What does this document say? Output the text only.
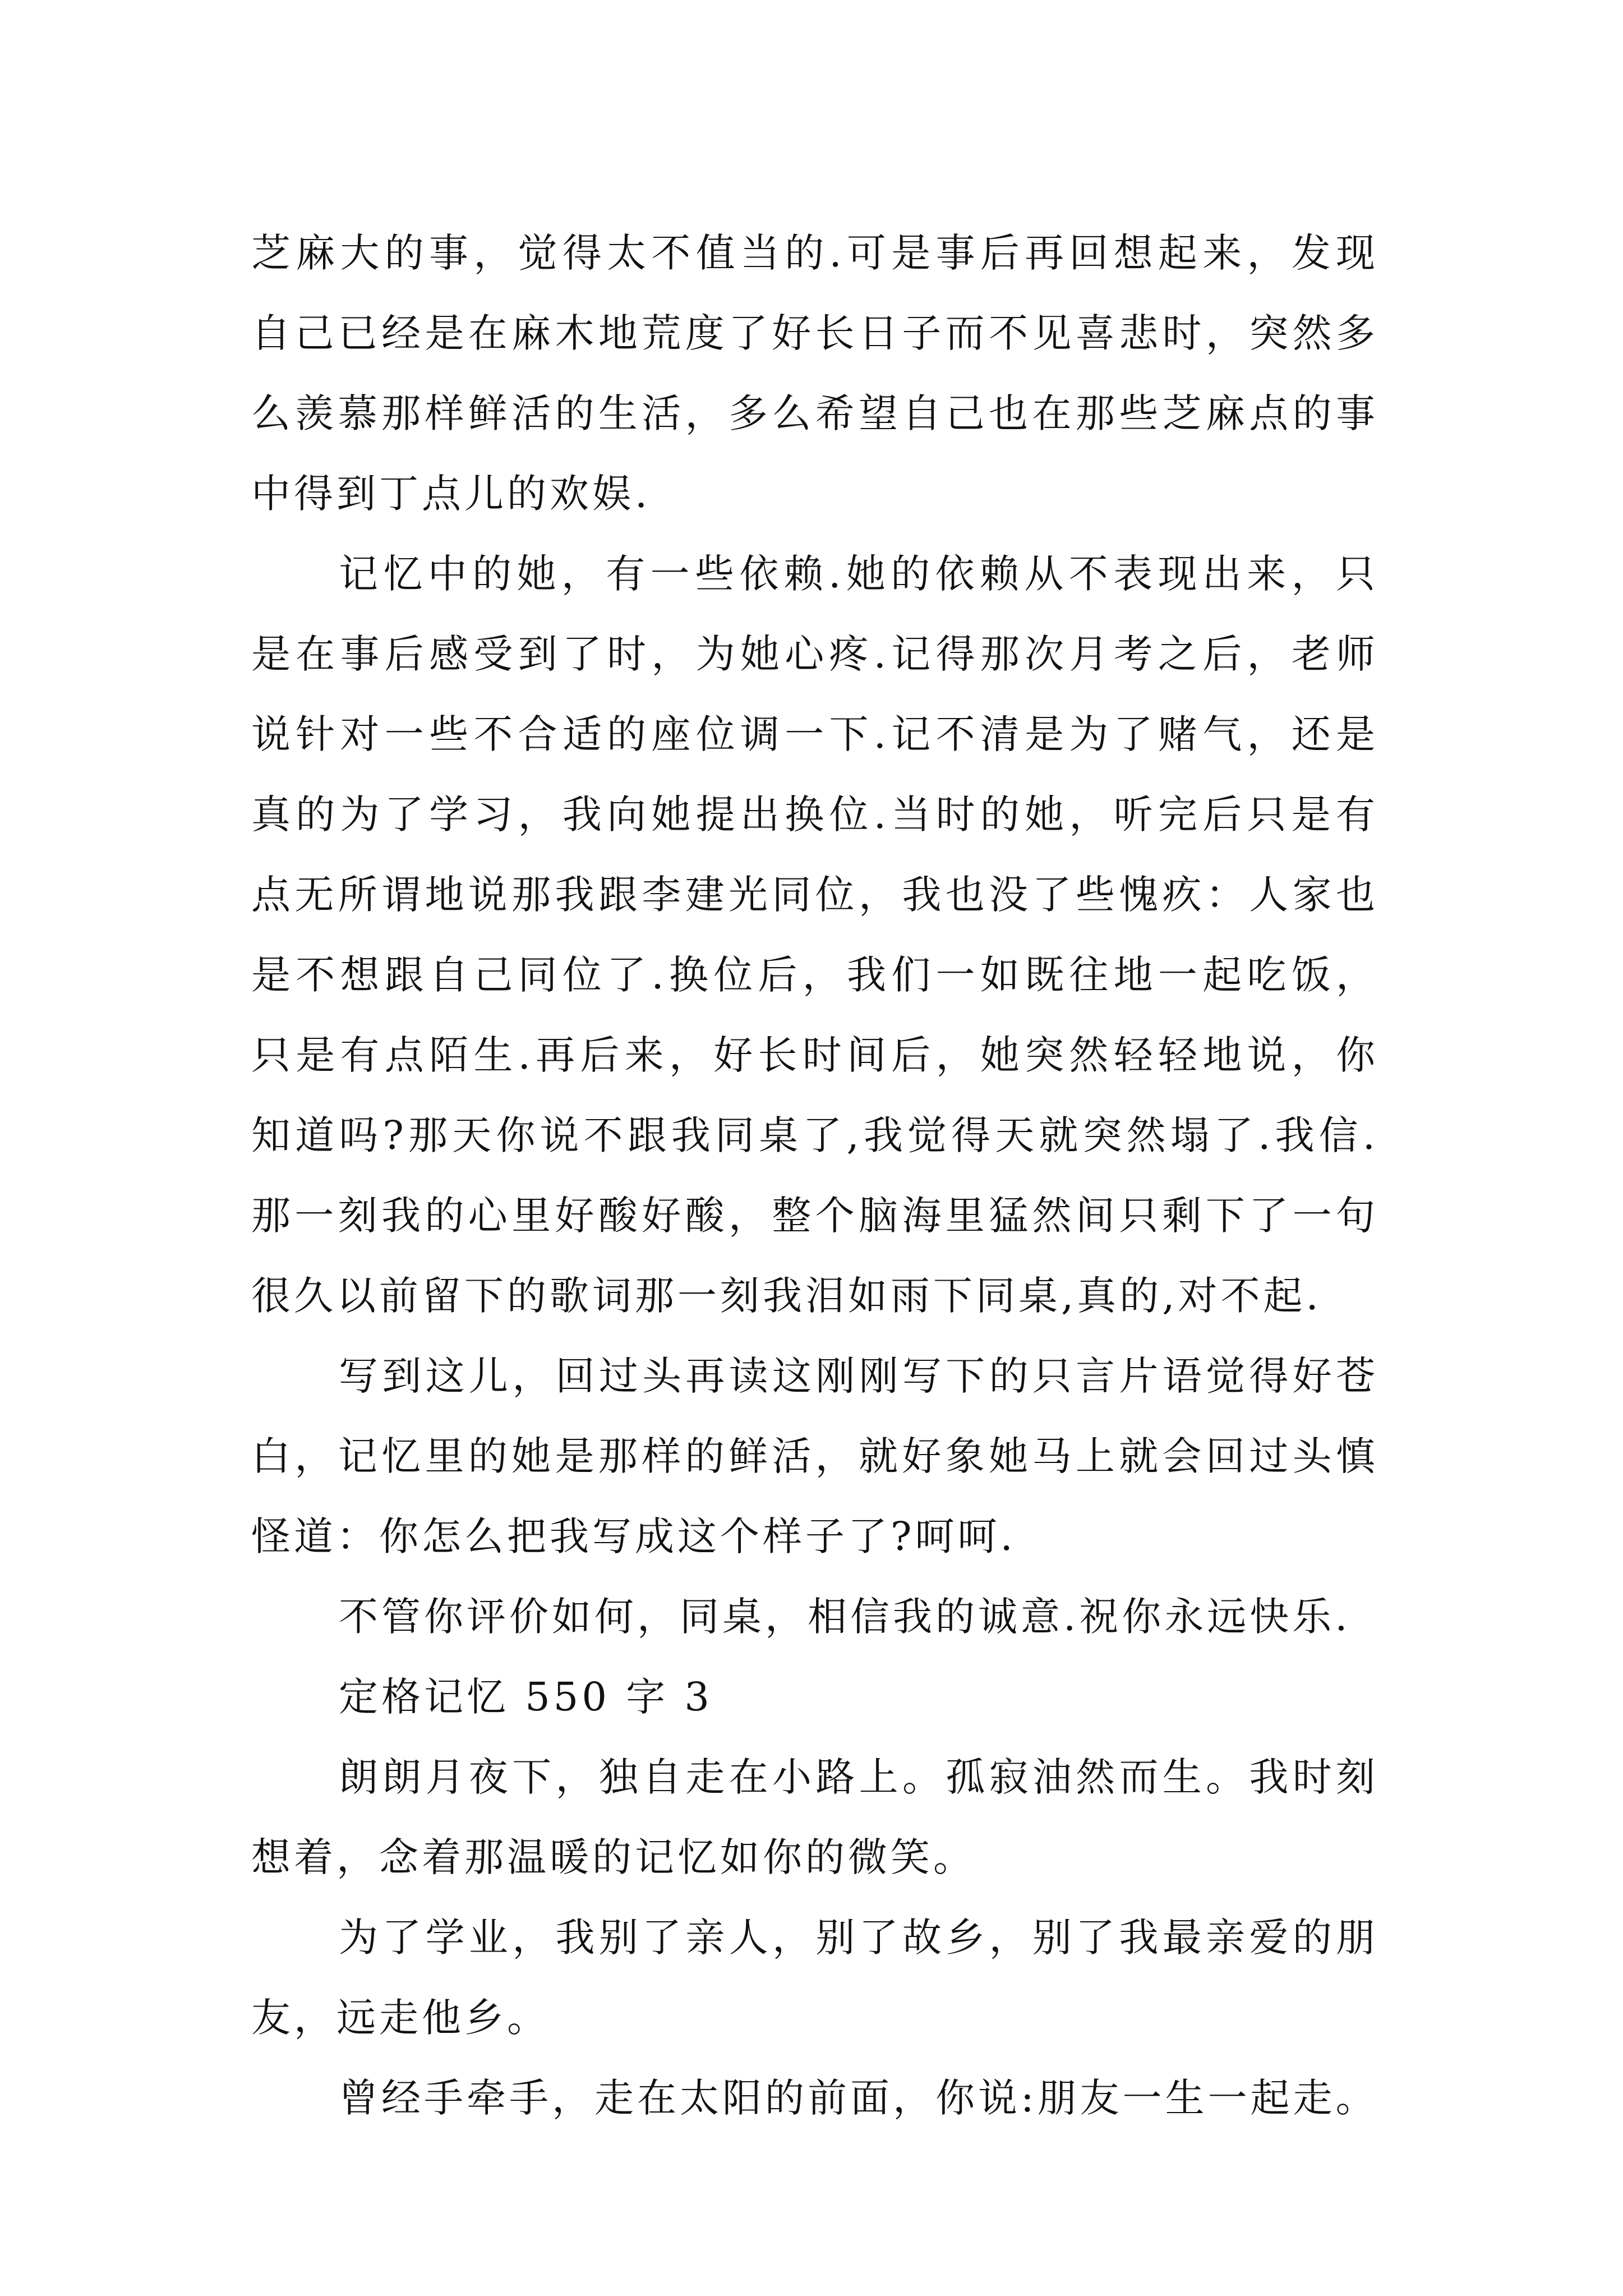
芝麻大的事，觉得太不值当的.可是事后再回想起来，发现
自己已经是在麻木地荒度了好长日子而不见喜悲时，突然多
么羡慕那样鲜活的生活，多么希望自己也在那些芝麻点的事
中得到丁点儿的欢娱.
记忆中的她，有一些依赖.她的依赖从不表现出来，只
是在事后感受到了时，为她心疼.记得那次月考之后，老师
说针对一些不合适的座位调一下.记不清是为了赌气，还是
真的为了学习，我向她提出换位.当时的她，听完后只是有
点无所谓地说那我跟李建光同位，我也没了些愧疚：人家也
是不想跟自己同位了.换位后，我们一如既往地一起吃饭，
只是有点陌生.再后来，好长时间后，她突然轻轻地说，你
知道吗?那天你说不跟我同桌了,我觉得天就突然塌了.我信.
那一刻我的心里好酸好酸，整个脑海里猛然间只剩下了一句
很久以前留下的歌词那一刻我泪如雨下同桌,真的,对不起.
写到这儿，回过头再读这刚刚写下的只言片语觉得好苍
白，记忆里的她是那样的鲜活，就好象她马上就会回过头慎
怪道：你怎么把我写成这个样子了?呵呵.
不管你评价如何，同桌，相信我的诚意.祝你永远快乐.
定格记忆 550 字 3
朗朗月夜下，独自走在小路上。孤寂油然而生。我时刻
想着，念着那温暖的记忆如你的微笑。
为了学业，我别了亲人，别了故乡，别了我最亲爱的朋
友，远走他乡。
曾经手牵手，走在太阳的前面，你说:朋友一生一起走。
